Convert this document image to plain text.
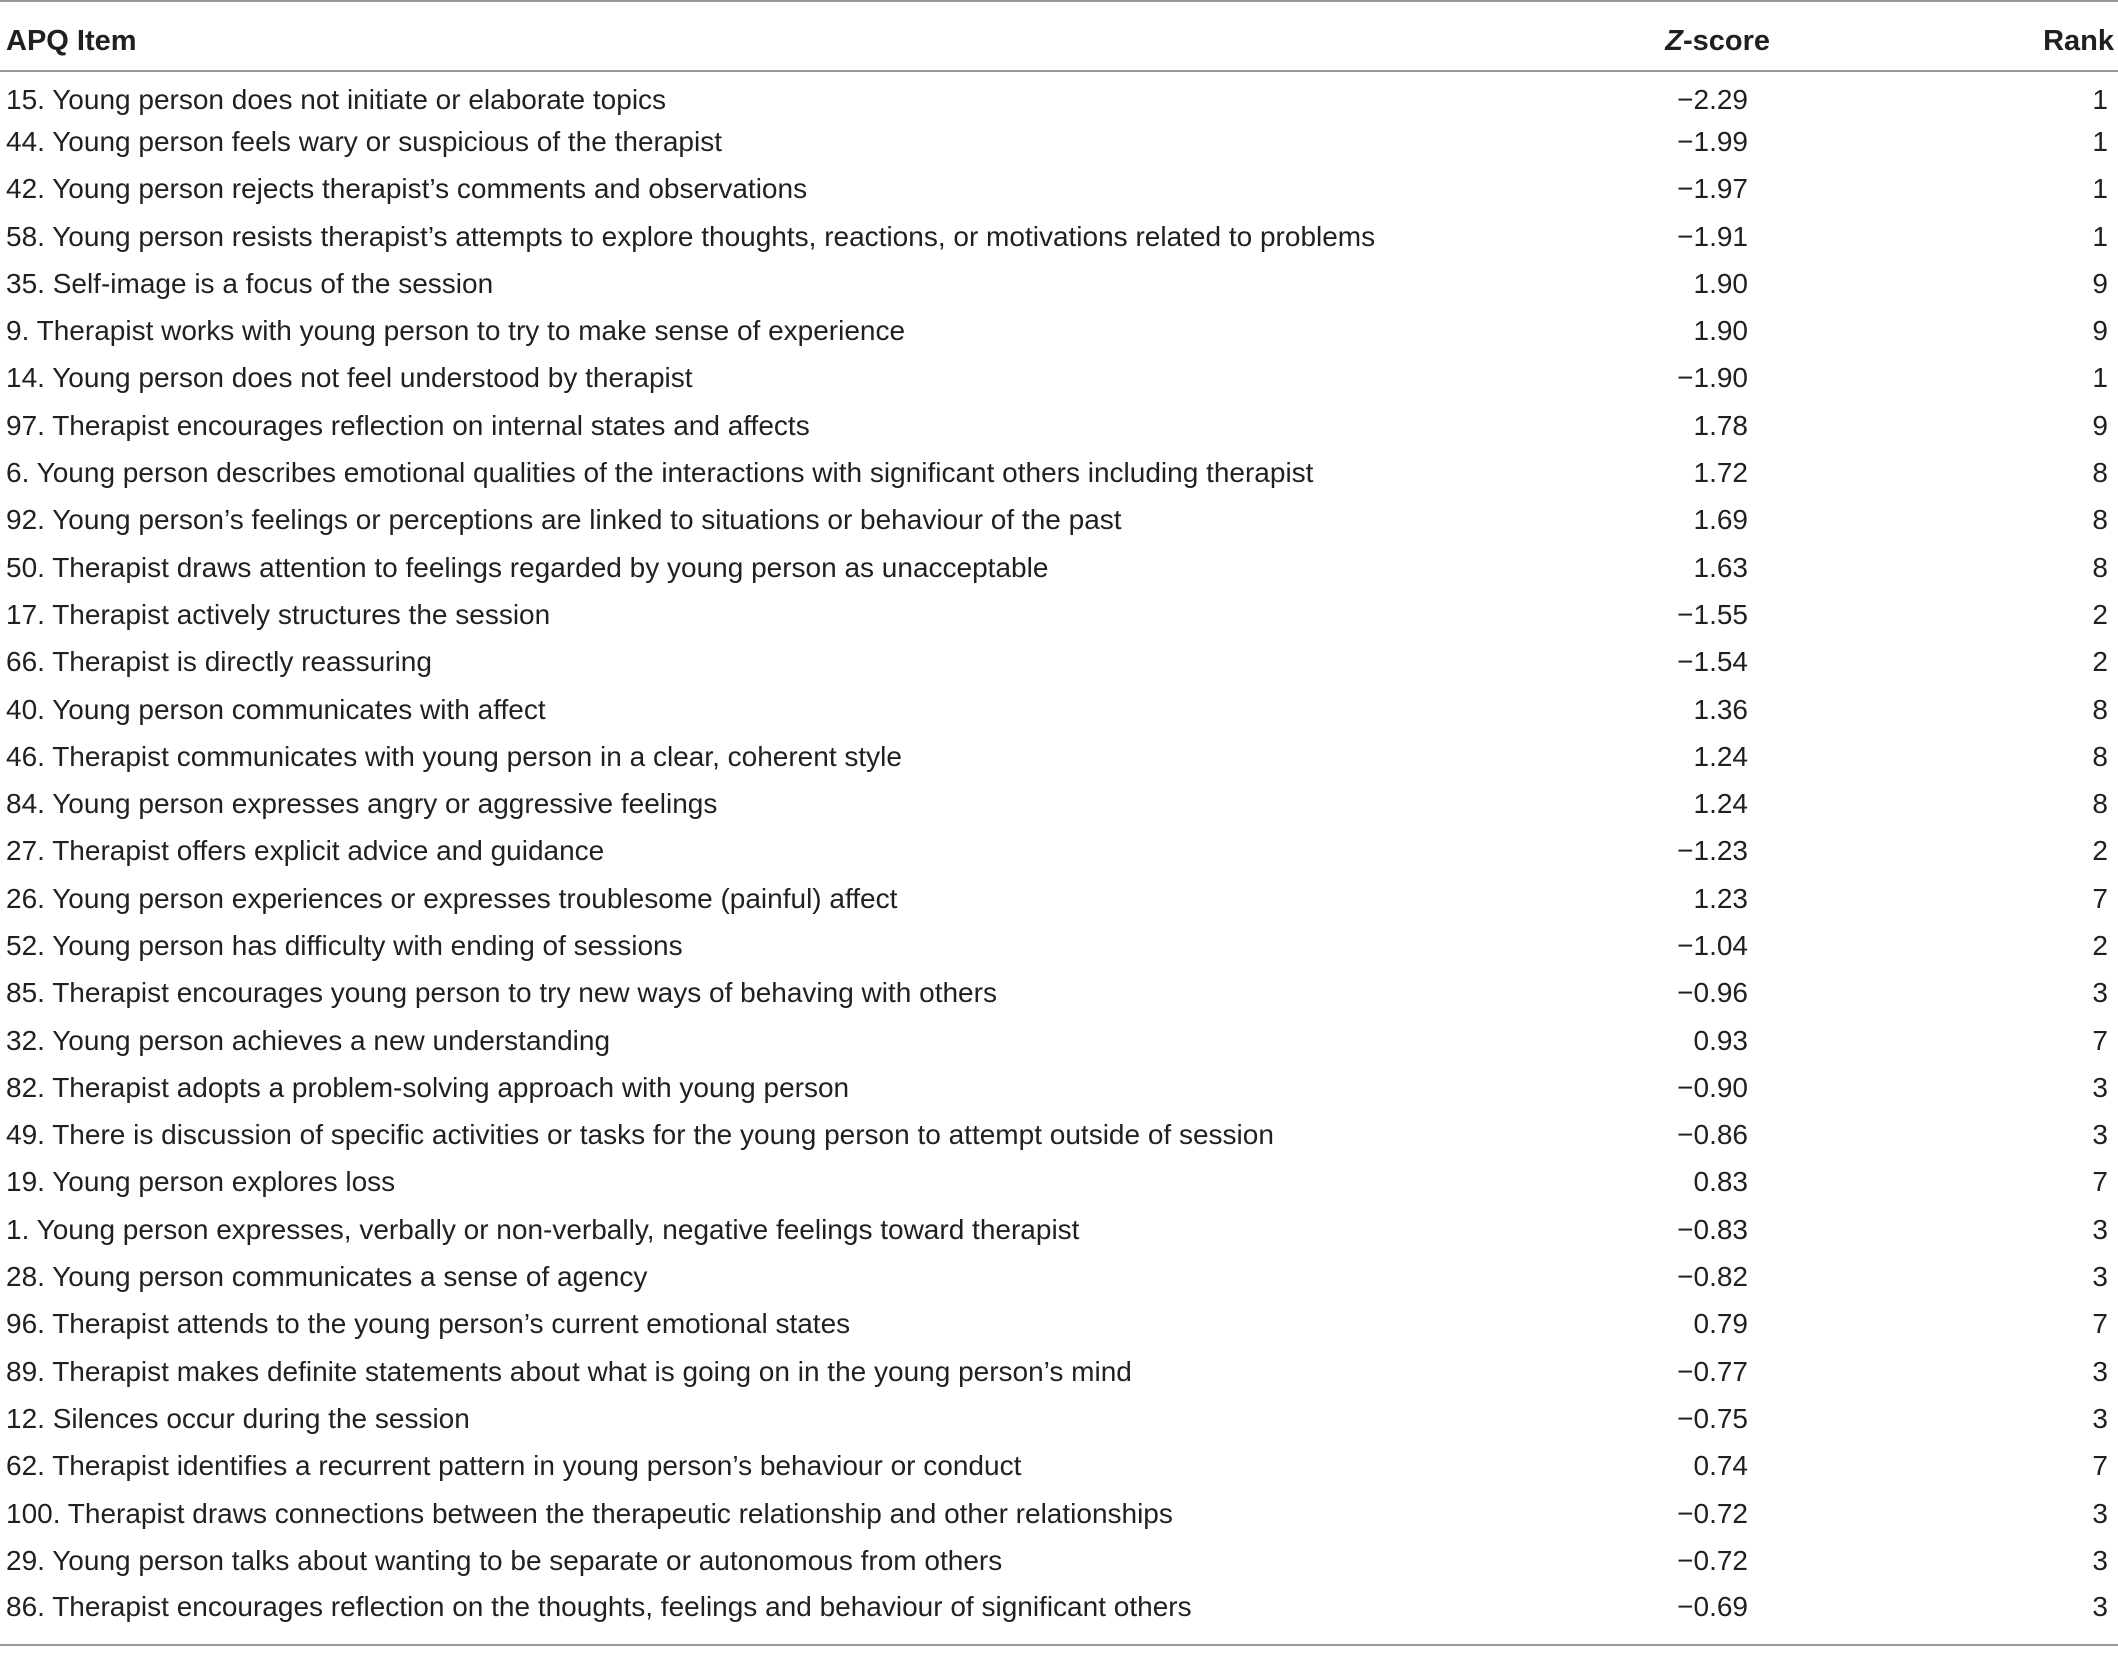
APQ Item	Z-score	Rank
15. Young person does not initiate or elaborate topics	−2.29	1
44. Young person feels wary or suspicious of the therapist	−1.99	1
42. Young person rejects therapist’s comments and observations	−1.97	1
58. Young person resists therapist’s attempts to explore thoughts, reactions, or motivations related to problems	−1.91	1
35. Self-image is a focus of the session	1.90	9
9. Therapist works with young person to try to make sense of experience	1.90	9
14. Young person does not feel understood by therapist	−1.90	1
97. Therapist encourages reflection on internal states and affects	1.78	9
6. Young person describes emotional qualities of the interactions with significant others including therapist	1.72	8
92. Young person’s feelings or perceptions are linked to situations or behaviour of the past	1.69	8
50. Therapist draws attention to feelings regarded by young person as unacceptable	1.63	8
17. Therapist actively structures the session	−1.55	2
66. Therapist is directly reassuring	−1.54	2
40. Young person communicates with affect	1.36	8
46. Therapist communicates with young person in a clear, coherent style	1.24	8
84. Young person expresses angry or aggressive feelings	1.24	8
27. Therapist offers explicit advice and guidance	−1.23	2
26. Young person experiences or expresses troublesome (painful) affect	1.23	7
52. Young person has difficulty with ending of sessions	−1.04	2
85. Therapist encourages young person to try new ways of behaving with others	−0.96	3
32. Young person achieves a new understanding	0.93	7
82. Therapist adopts a problem-solving approach with young person	−0.90	3
49. There is discussion of specific activities or tasks for the young person to attempt outside of session	−0.86	3
19. Young person explores loss	0.83	7
1. Young person expresses, verbally or non-verbally, negative feelings toward therapist	−0.83	3
28. Young person communicates a sense of agency	−0.82	3
96. Therapist attends to the young person’s current emotional states	0.79	7
89. Therapist makes definite statements about what is going on in the young person’s mind	−0.77	3
12. Silences occur during the session	−0.75	3
62. Therapist identifies a recurrent pattern in young person’s behaviour or conduct	0.74	7
100. Therapist draws connections between the therapeutic relationship and other relationships	−0.72	3
29. Young person talks about wanting to be separate or autonomous from others	−0.72	3
86. Therapist encourages reflection on the thoughts, feelings and behaviour of significant others	−0.69	3
